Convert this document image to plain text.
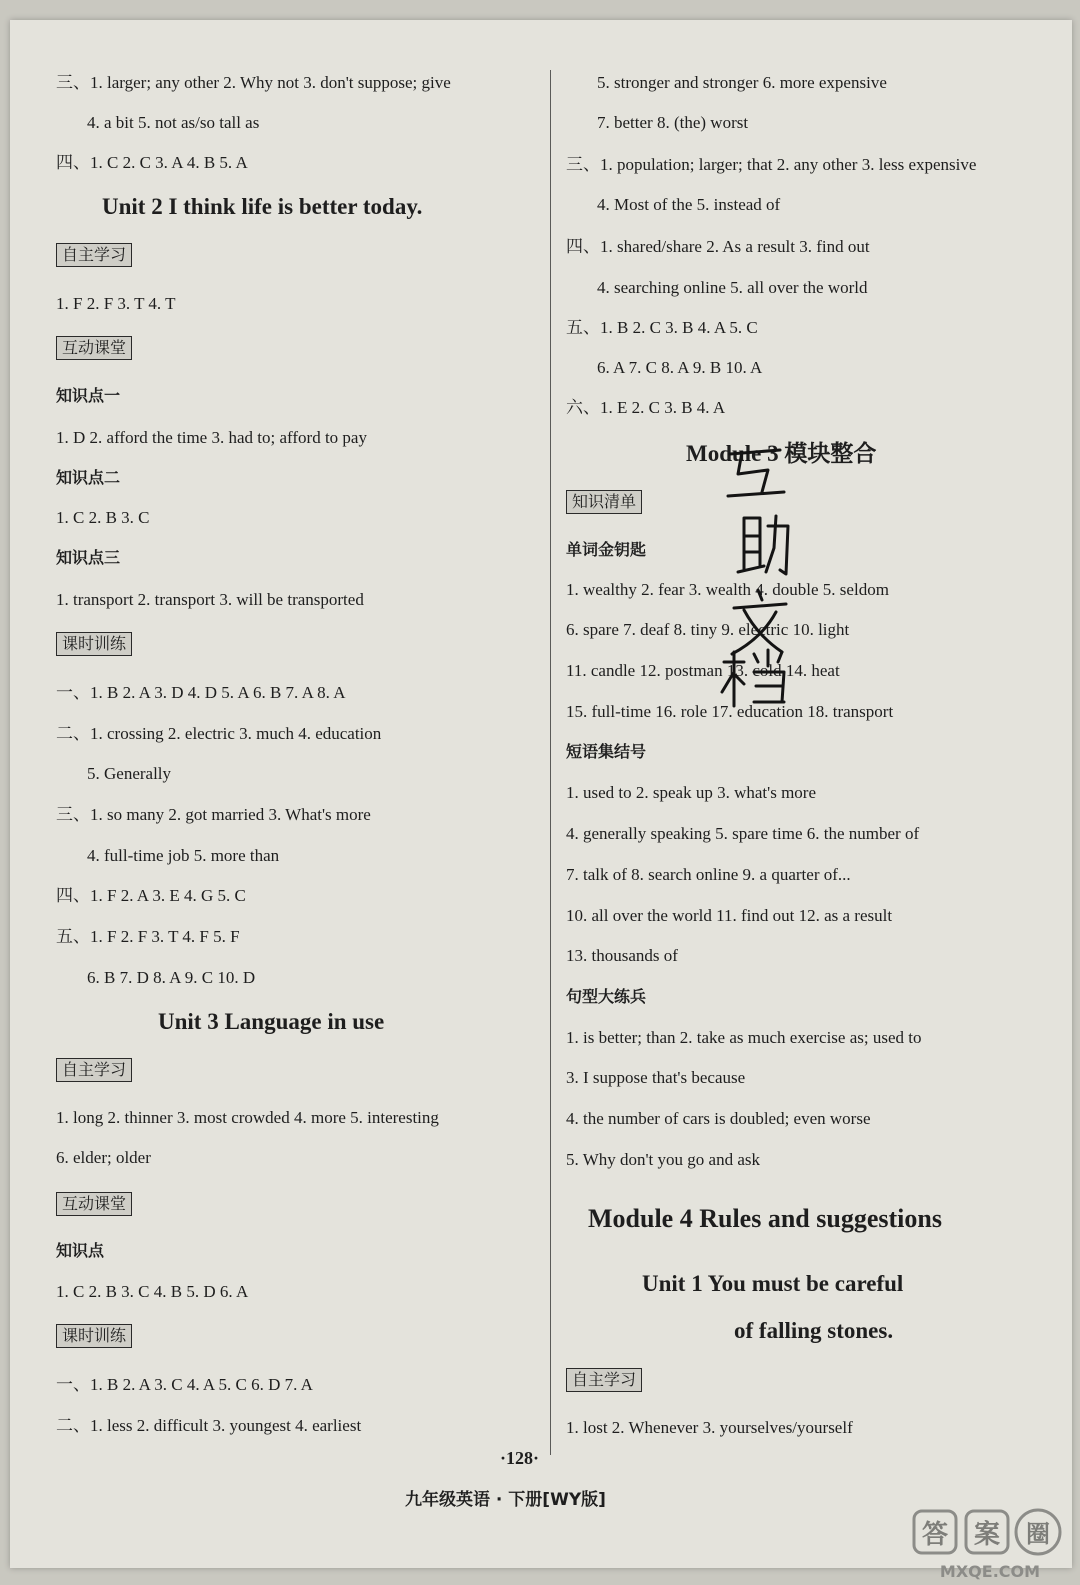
三、1. larger; any other 2. Why not 3. don't suppose; give
4. a bit 5. not as/so tall as
四、1. C 2. C 3. A 4. B 5. A
Unit 2 I think life is better today.
自主学习
1. F 2. F 3. T 4. T
互动课堂
知识点一
1. D 2. afford the time 3. had to; afford to pay
知识点二
1. C 2. B 3. C
知识点三
1. transport 2. transport 3. will be transported
课时训练
一、1. B 2. A 3. D 4. D 5. A 6. B 7. A 8. A
二、1. crossing 2. electric 3. much 4. education
5. Generally
三、1. so many 2. got married 3. What's more
4. full-time job 5. more than
四、1. F 2. A 3. E 4. G 5. C
五、1. F 2. F 3. T 4. F 5. F
6. B 7. D 8. A 9. C 10. D
Unit 3 Language in use
自主学习
1. long 2. thinner 3. most crowded 4. more 5. interesting
6. elder; older
互动课堂
知识点
1. C 2. B 3. C 4. B 5. D 6. A
课时训练
一、1. B 2. A 3. C 4. A 5. C 6. D 7. A
二、1. less 2. difficult 3. youngest 4. earliest
5. stronger and stronger 6. more expensive
7. better 8. (the) worst
三、1. population; larger; that 2. any other 3. less expensive
4. Most of the 5. instead of
四、1. shared/share 2. As a result 3. find out
4. searching online 5. all over the world
五、1. B 2. C 3. B 4. A 5. C
6. A 7. C 8. A 9. B 10. A
六、1. E 2. C 3. B 4. A
Module 3 模块整合
知识清单
单词金钥匙
1. wealthy 2. fear 3. wealth 4. double 5. seldom
6. spare 7. deaf 8. tiny 9. electric 10. light
11. candle 12. postman 13. cold 14. heat
15. full-time 16. role 17. education 18. transport
短语集结号
1. used to 2. speak up 3. what's more
4. generally speaking 5. spare time 6. the number of
7. talk of 8. search online 9. a quarter of...
10. all over the world 11. find out 12. as a result
13. thousands of
句型大练兵
1. is better; than 2. take as much exercise as; used to
3. I suppose that's because
4. the number of cars is doubled; even worse
5. Why don't you go and ask
Module 4 Rules and suggestions
Unit 1 You must be careful
of falling stones.
自主学习
1. lost 2. Whenever 3. yourselves/yourself
互助文档
·128·
九年级英语 · 下册[WY版]
答 案 圈
MXQE.COM
